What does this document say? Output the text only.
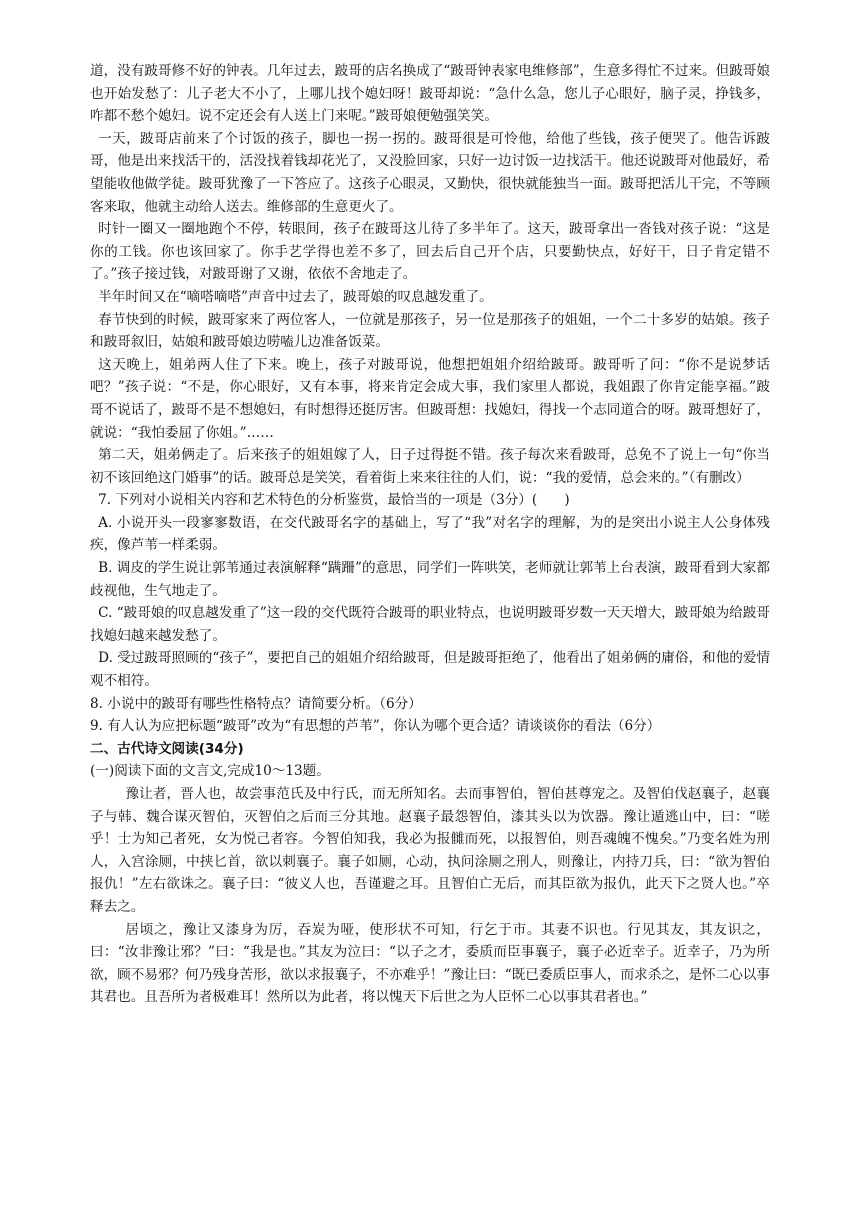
道，没有跛哥修不好的钟表。几年过去，跛哥的店名换成了“跛哥钟表家电维修部”，生意多得忙不过来。但跛哥娘也开始发愁了：儿子老大不小了，上哪儿找个媳妇呀！跛哥却说：“急什么急，您儿子心眼好，脑子灵，挣钱多，咋都不愁个媳妇。说不定还会有人送上门来呢。”跛哥娘便勉强笑笑。

一天，跛哥店前来了个讨饭的孩子，脚也一拐一拐的。跛哥很是可怜他，给他了些钱，孩子便哭了。他告诉跛哥，他是出来找活干的，活没找着钱却花光了，又没脸回家，只好一边讨饭一边找活干。他还说跛哥对他最好，希望能收他做学徒。跛哥犹豫了一下答应了。这孩子心眼灵，又勤快，很快就能独当一面。跛哥把活儿干完，不等顾客来取，他就主动给人送去。维修部的生意更火了。

时针一圈又一圈地跑个不停，转眼间，孩子在跛哥这儿待了多半年了。这天，跛哥拿出一沓钱对孩子说：“这是你的工钱。你也该回家了。你手艺学得也差不多了，回去后自己开个店，只要勤快点，好好干，日子肯定错不了。”孩子接过钱，对跛哥谢了又谢，依依不舍地走了。

半年时间又在“嘀嗒嘀嗒”声音中过去了，跛哥娘的叹息越发重了。

春节快到的时候，跛哥家来了两位客人，一位就是那孩子，另一位是那孩子的姐姐，一个二十多岁的姑娘。孩子和跛哥叙旧，姑娘和跛哥娘边唠嗑儿边准备饭菜。

这天晚上，姐弟两人住了下来。晚上，孩子对跛哥说，他想把姐姐介绍给跛哥。跛哥听了问：“你不是说梦话吧？”孩子说：“不是，你心眼好，又有本事，将来肯定会成大事，我们家里人都说，我姐跟了你肯定能享福。”跛哥不说话了，跛哥不是不想媳妇，有时想得还挺厉害。但跛哥想：找媳妇，得找一个志同道合的呀。跛哥想好了，就说：“我怕委屈了你姐。”……

第二天，姐弟俩走了。后来孩子的姐姐嫁了人，日子过得挺不错。孩子每次来看跛哥，总免不了说上一句“你当初不该回绝这门婚事”的话。跛哥总是笑笑，看着街上来来往往的人们，说：“我的爱情，总会来的。”（有删改）

7. 下列对小说相关内容和艺术特色的分析鉴赏，最恰当的一项是（3分）(　　)

A. 小说开头一段寥寥数语，在交代跛哥名字的基础上，写了“我”对名字的理解，为的是突出小说主人公身体残疾，像芦苇一样柔弱。

B. 调皮的学生说让郭苇通过表演解释“蹒跚”的意思，同学们一阵哄笑，老师就让郭苇上台表演，跛哥看到大家都歧视他，生气地走了。

C. “跛哥娘的叹息越发重了”这一段的交代既符合跛哥的职业特点，也说明跛哥岁数一天天增大，跛哥娘为给跛哥找媳妇越来越发愁了。

D. 受过跛哥照顾的“孩子”，要把自己的姐姐介绍给跛哥，但是跛哥拒绝了，他看出了姐弟俩的庸俗，和他的爱情观不相符。

8. 小说中的跛哥有哪些性格特点？请简要分析。（6分）

9. 有人认为应把标题“跛哥”改为“有思想的芦苇”，你认为哪个更合适？请谈谈你的看法（6分）

二、古代诗文阅读(34分)

(一)阅读下面的文言文,完成10～13题。

豫让者，晋人也，故尝事范氏及中行氏，而无所知名。去而事智伯，智伯甚尊宠之。及智伯伐赵襄子，赵襄子与韩、魏合谋灭智伯，灭智伯之后而三分其地。赵襄子最怨智伯，漆其头以为饮器。豫让遁逃山中，曰：“嗟乎！士为知己者死，女为悦己者容。今智伯知我，我必为报雠而死，以报智伯，则吾魂魄不愧矣。”乃变名姓为刑人，入宫涂厕，中挟匕首，欲以刺襄子。襄子如厕，心动，执问涂厕之刑人，则豫让，内持刀兵，曰：“欲为智伯报仇！”左右欲诛之。襄子曰：“彼义人也，吾谨避之耳。且智伯亡无后，而其臣欲为报仇，此天下之贤人也。”卒释去之。

居顷之，豫让又漆身为厉，吞炭为哑，使形状不可知，行乞于市。其妻不识也。行见其友，其友识之，曰：“汝非豫让邪？”曰：“我是也。”其友为泣曰：“以子之才，委质而臣事襄子，襄子必近幸子。近幸子，乃为所欲，顾不易邪？何乃残身苦形，欲以求报襄子，不亦难乎！”豫让曰：“既已委质臣事人，而求杀之，是怀二心以事其君也。且吾所为者极难耳！然所以为此者，将以愧天下后世之为人臣怀二心以事其君者也。”
